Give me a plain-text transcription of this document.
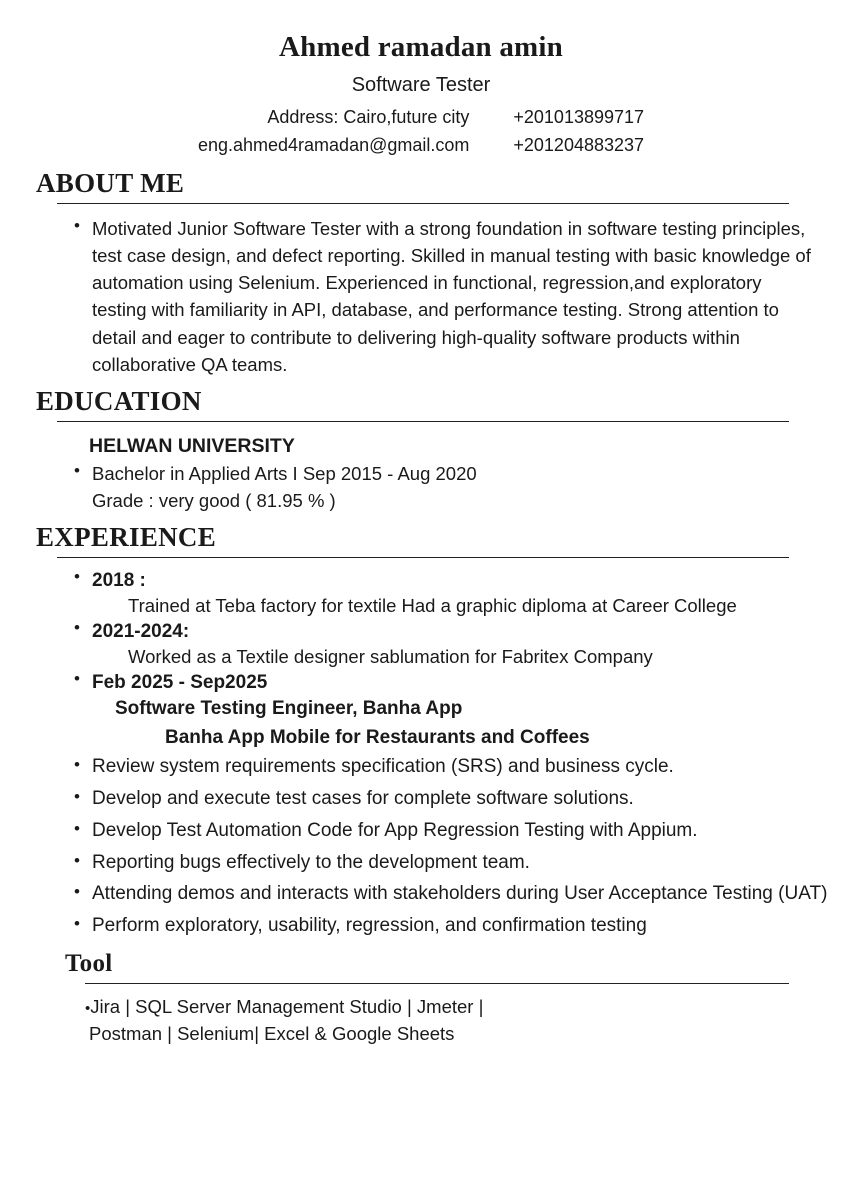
Ahmed ramadan amin
Software Tester
Address: Cairo,future city
eng.ahmed4ramadan@gmail.com
+201013899717
+201204883237
ABOUT ME
• Motivated Junior Software Tester with a strong foundation in software testing principles, test case design, and defect reporting. Skilled in manual testing with basic knowledge of automation using Selenium. Experienced in functional, regression,and exploratory testing with familiarity in API, database, and performance testing. Strong attention to detail and eager to contribute to delivering high-quality software products within collaborative QA teams.
EDUCATION
HELWAN UNIVERSITY
• Bachelor in Applied Arts I Sep 2015 - Aug 2020
Grade : very good ( 81.95 % )
EXPERIENCE
• 2018 :
Trained at Teba factory for textile Had a graphic diploma at Career College
• 2021-2024:
Worked as a Textile designer sablumation for Fabritex Company
• Feb 2025 - Sep2025
Software Testing Engineer, Banha App
Banha App Mobile for Restaurants and Coffees
• Review system requirements specification (SRS) and business cycle.
• Develop and execute test cases for complete software solutions.
• Develop Test Automation Code for App Regression Testing with Appium.
• Reporting bugs effectively to the development team.
• Attending demos and interacts with stakeholders during User Acceptance Testing (UAT)
• Perform exploratory, usability, regression, and confirmation testing
Tool
•Jira | SQL Server Management Studio | Jmeter |
Postman | Selenium| Excel & Google Sheets
